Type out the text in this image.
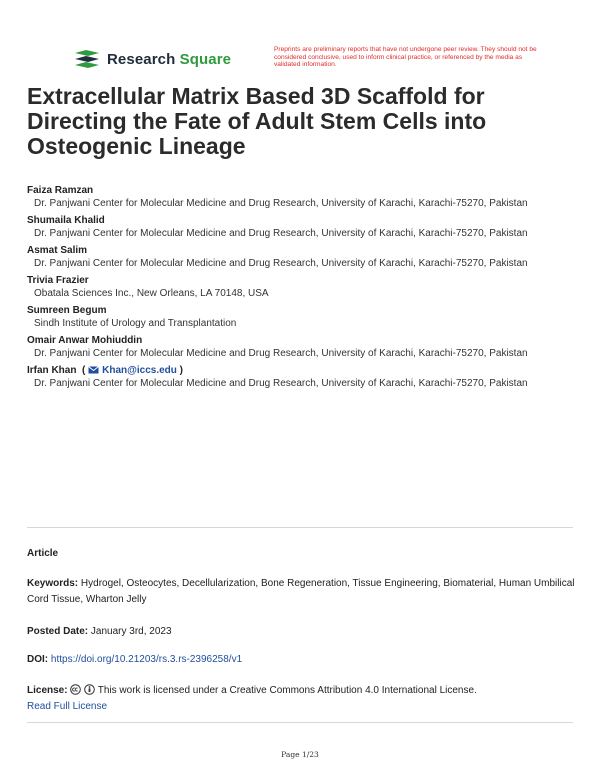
Research Square
Preprints are preliminary reports that have not undergone peer review. They should not be considered conclusive, used to inform clinical practice, or referenced by the media as validated information.
Extracellular Matrix Based 3D Scaffold for Directing the Fate of Adult Stem Cells into Osteogenic Lineage
Faiza Ramzan
Dr. Panjwani Center for Molecular Medicine and Drug Research, University of Karachi, Karachi-75270, Pakistan
Shumaila Khalid
Dr. Panjwani Center for Molecular Medicine and Drug Research, University of Karachi, Karachi-75270, Pakistan
Asmat Salim
Dr. Panjwani Center for Molecular Medicine and Drug Research, University of Karachi, Karachi-75270, Pakistan
Trivia Frazier
Obatala Sciences Inc., New Orleans, LA 70148, USA
Sumreen Begum
Sindh Institute of Urology and Transplantation
Omair Anwar Mohiuddin
Dr. Panjwani Center for Molecular Medicine and Drug Research, University of Karachi, Karachi-75270, Pakistan
Irfan Khan  ( Khan@iccs.edu )
Dr. Panjwani Center for Molecular Medicine and Drug Research, University of Karachi, Karachi-75270, Pakistan
Article
Keywords: Hydrogel, Osteocytes, Decellularization, Bone Regeneration, Tissue Engineering, Biomaterial, Human Umbilical Cord Tissue, Wharton Jelly
Posted Date: January 3rd, 2023
DOI: https://doi.org/10.21203/rs.3.rs-2396258/v1
License:	This work is licensed under a Creative Commons Attribution 4.0 International License.
Read Full License
Page 1/23
